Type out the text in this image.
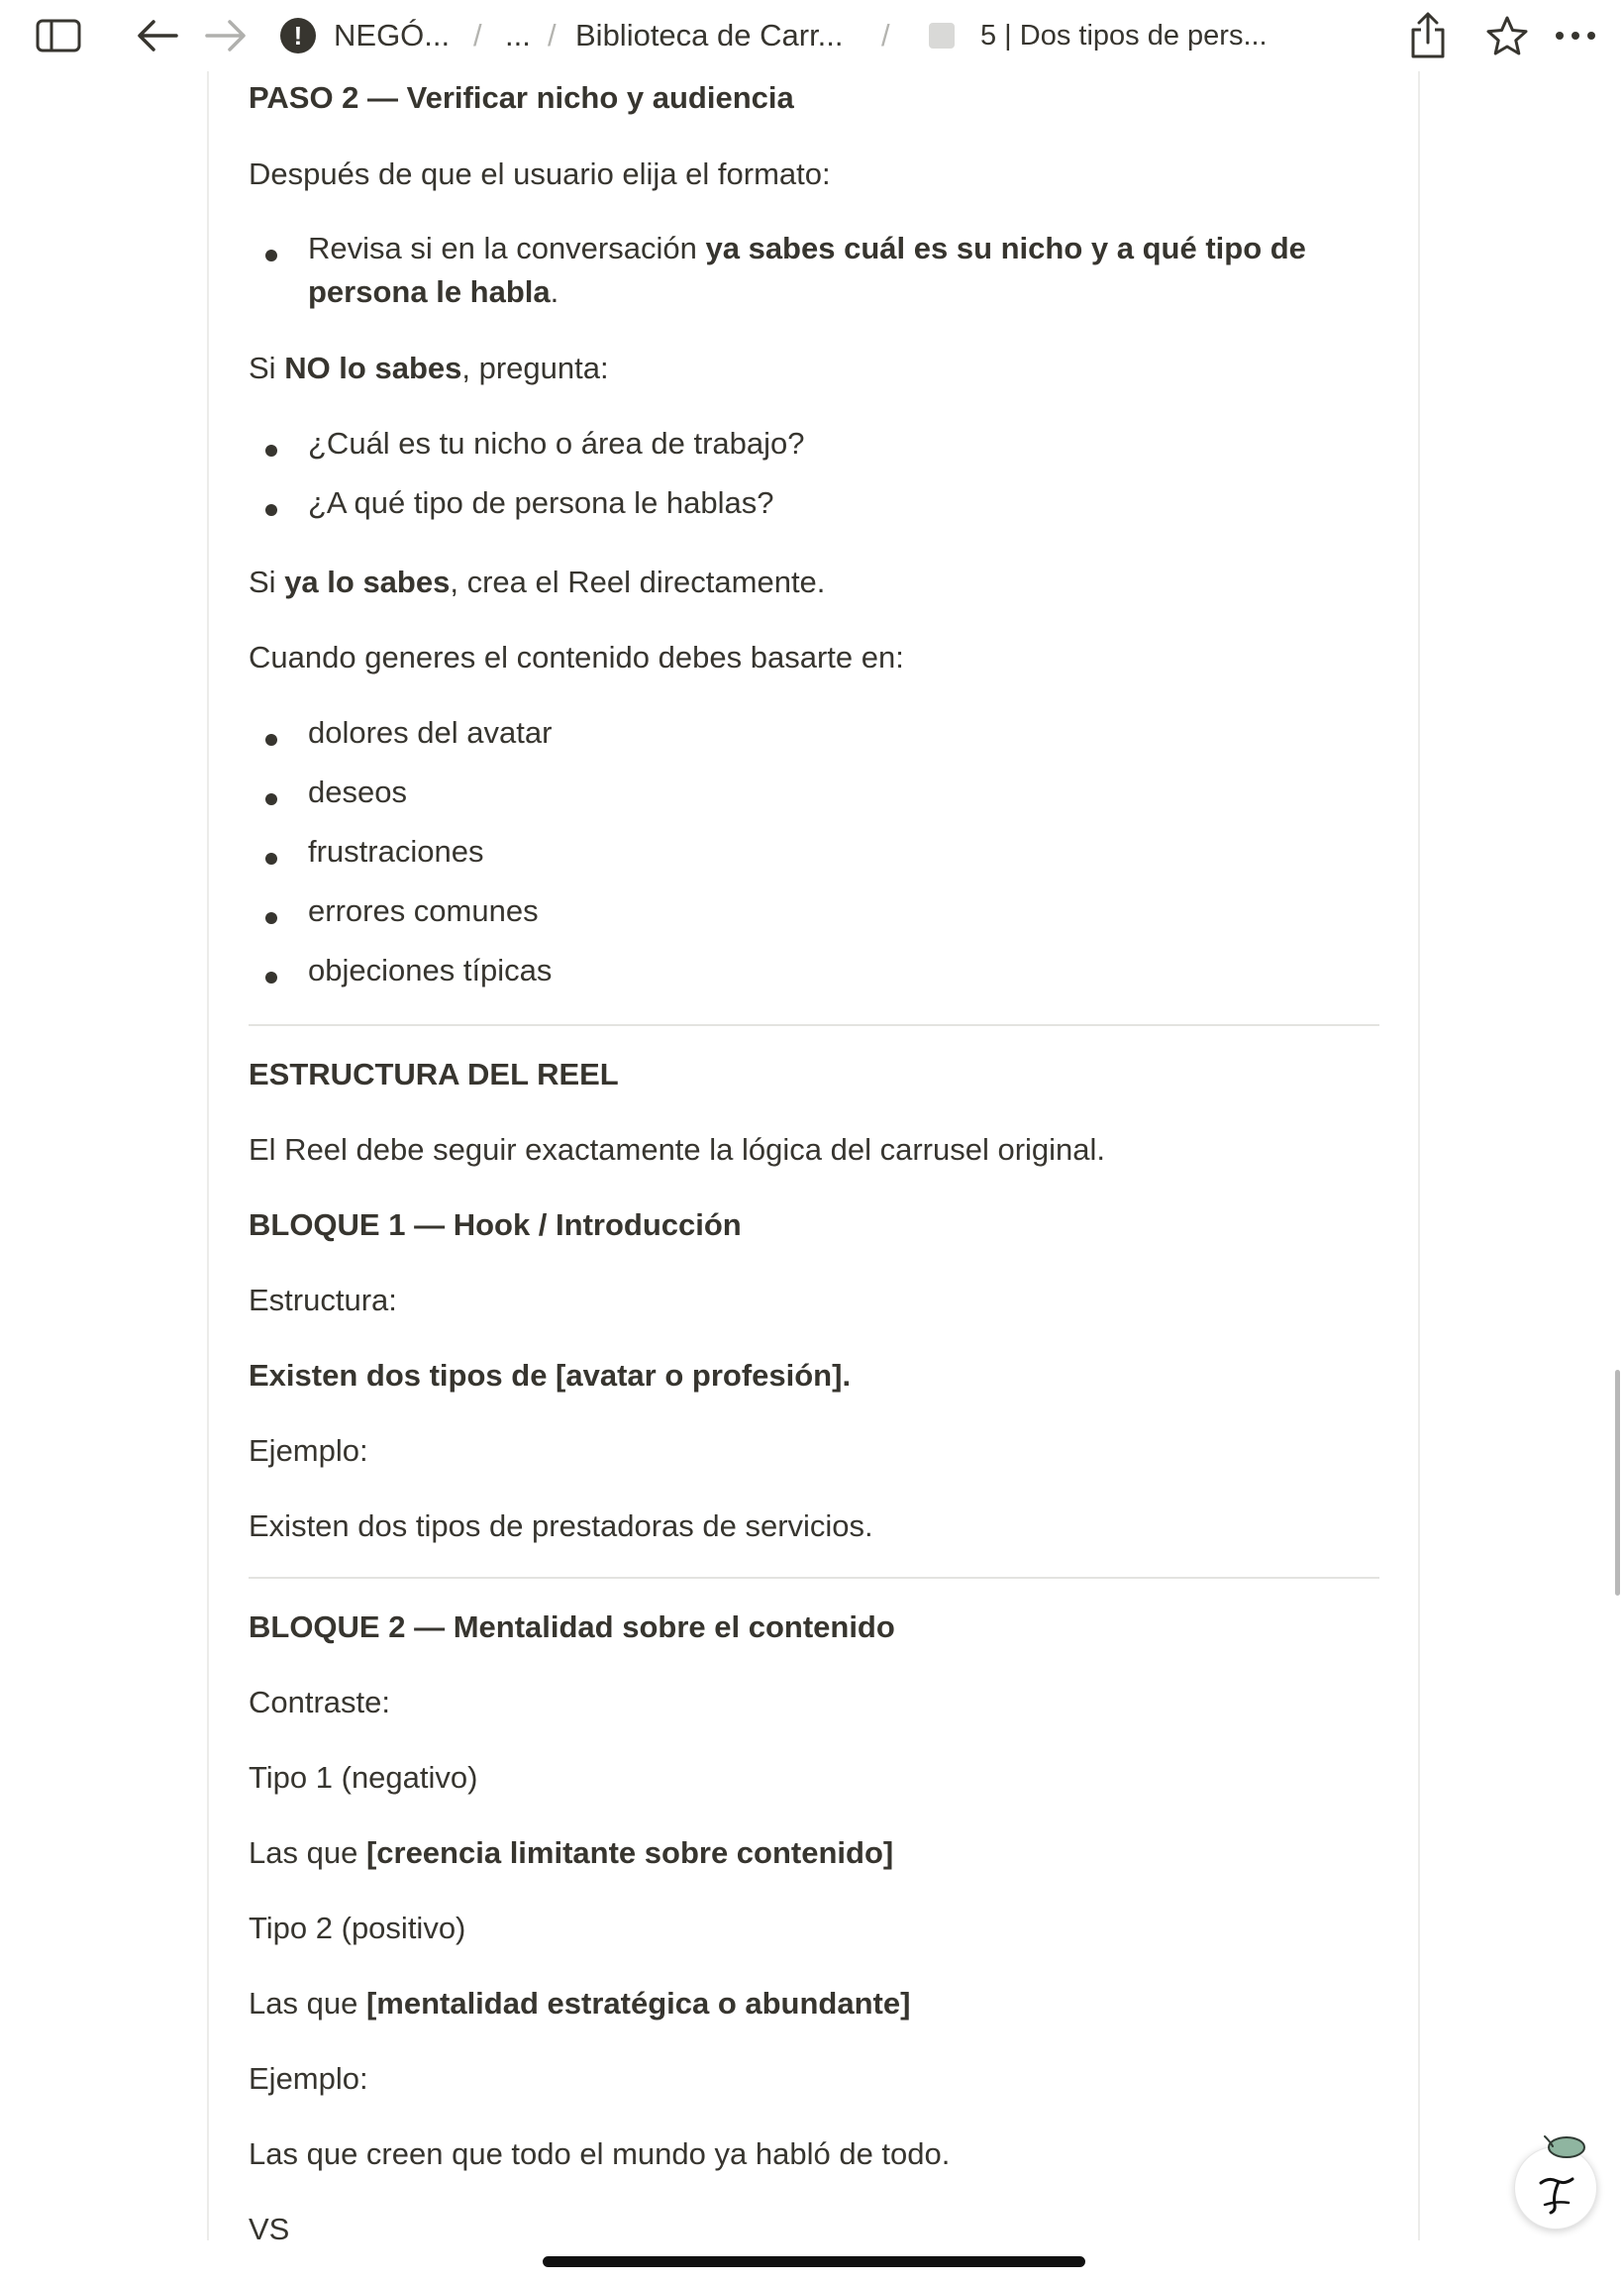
!	NEGÓ... / ... / Biblioteca de Carr... /	5 | Dos tipos de pers...
PASO 2 — Verificar nicho y audiencia
Después de que el usuario elija el formato:
Revisa si en la conversación ya sabes cuál es su nicho y a qué tipo de
persona le habla.
Si NO lo sabes, pregunta:
¿Cuál es tu nicho o área de trabajo?
¿A qué tipo de persona le hablas?
Si ya lo sabes, crea el Reel directamente.
Cuando generes el contenido debes basarte en:
dolores del avatar
deseos
frustraciones
errores comunes
objeciones típicas
ESTRUCTURA DEL REEL
El Reel debe seguir exactamente la lógica del carrusel original.
BLOQUE 1 — Hook / Introducción
Estructura:
Existen dos tipos de [avatar o profesión].
Ejemplo:
Existen dos tipos de prestadoras de servicios.
BLOQUE 2 — Mentalidad sobre el contenido
Contraste:
Tipo 1 (negativo)
Las que [creencia limitante sobre contenido]
Tipo 2 (positivo)
Las que [mentalidad estratégica o abundante]
Ejemplo:
Las que creen que todo el mundo ya habló de todo.
VS
